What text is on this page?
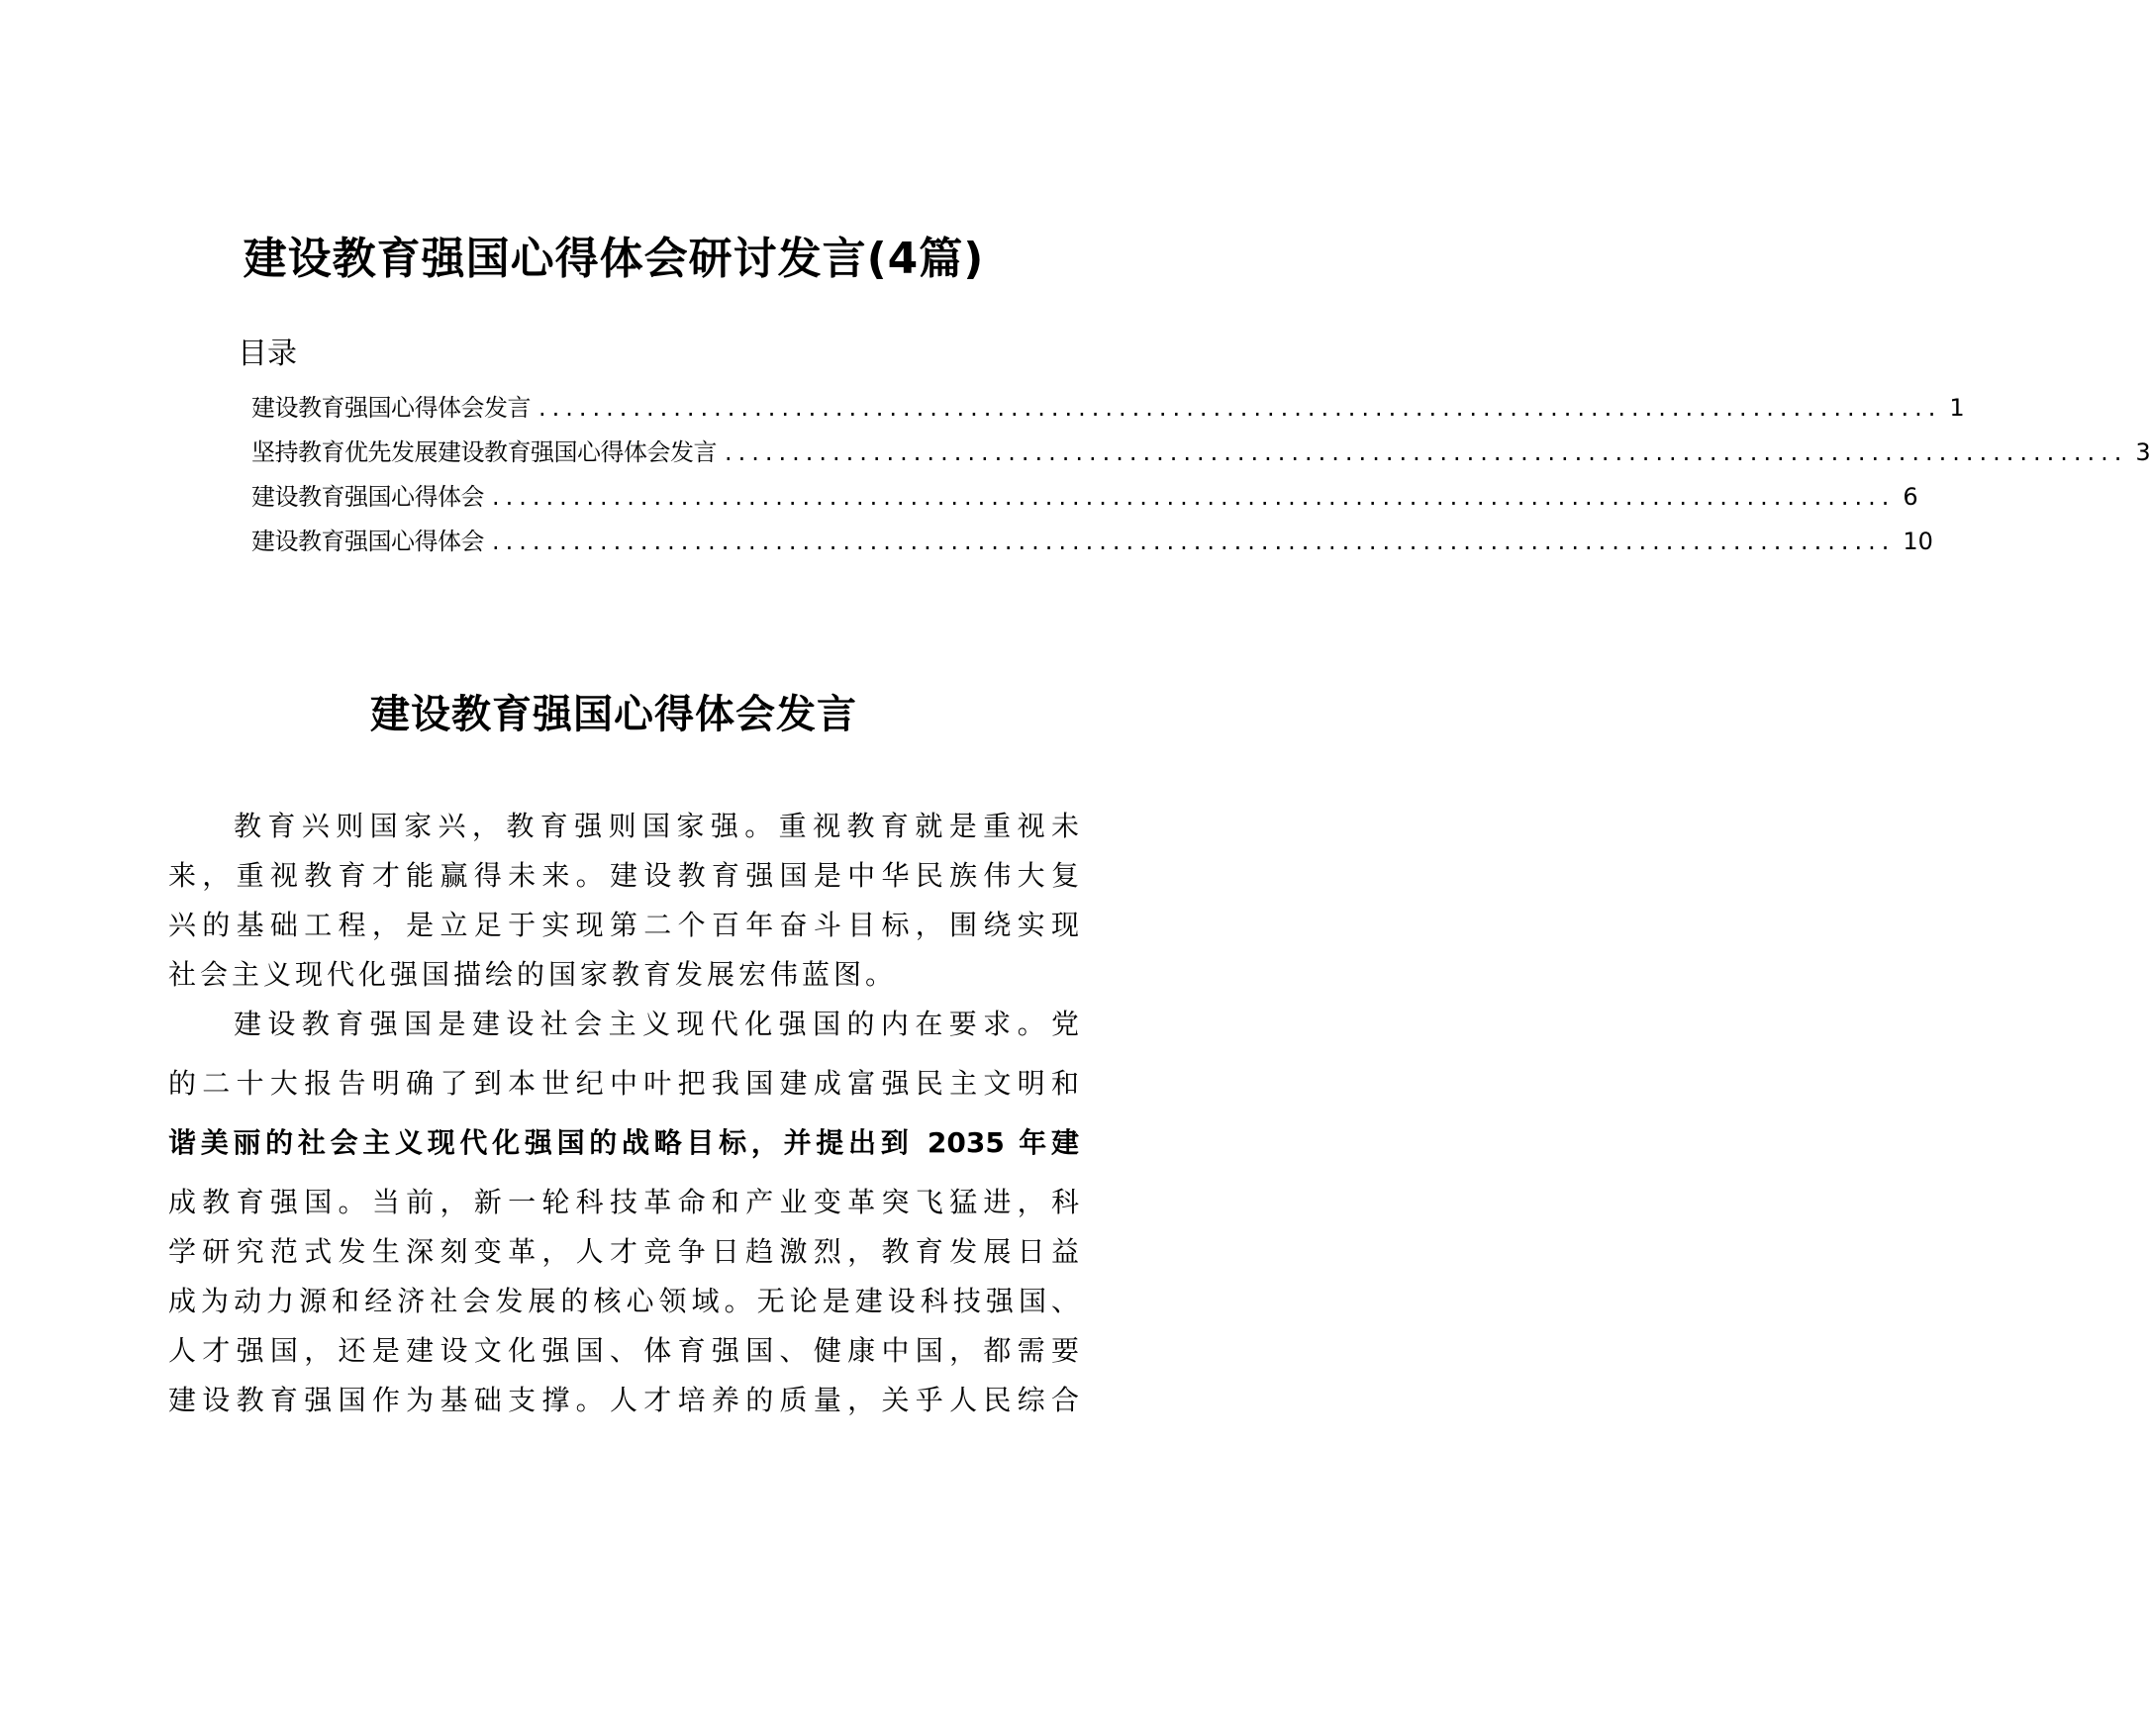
建设教育强国心得体会研讨发言(4篇)
目录
建设教育强国心得体会发言 ........................................................................................................ 1
坚持教育优先发展建设教育强国心得体会发言 ........................................................................................................ 3
建设教育强国心得体会 ........................................................................................................ 6
建设教育强国心得体会 ........................................................................................................ 10
建设教育强国心得体会发言
教育兴则国家兴，教育强则国家强。重视教育就是重视未
来，重视教育才能赢得未来。建设教育强国是中华民族伟大复
兴的基础工程，是立足于实现第二个百年奋斗目标，围绕实现
社会主义现代化强国描绘的国家教育发展宏伟蓝图。
建设教育强国是建设社会主义现代化强国的内在要求。党
的二十大报告明确了到本世纪中叶把我国建成富强民主文明和
谐美丽的社会主义现代化强国的战略目标，并提出到 2035 年建
成教育强国。当前，新一轮科技革命和产业变革突飞猛进，科
学研究范式发生深刻变革，人才竞争日趋激烈，教育发展日益
成为动力源和经济社会发展的核心领域。无论是建设科技强国、
人才强国，还是建设文化强国、体育强国、健康中国，都需要
建设教育强国作为基础支撑。人才培养的质量，关乎人民综合
